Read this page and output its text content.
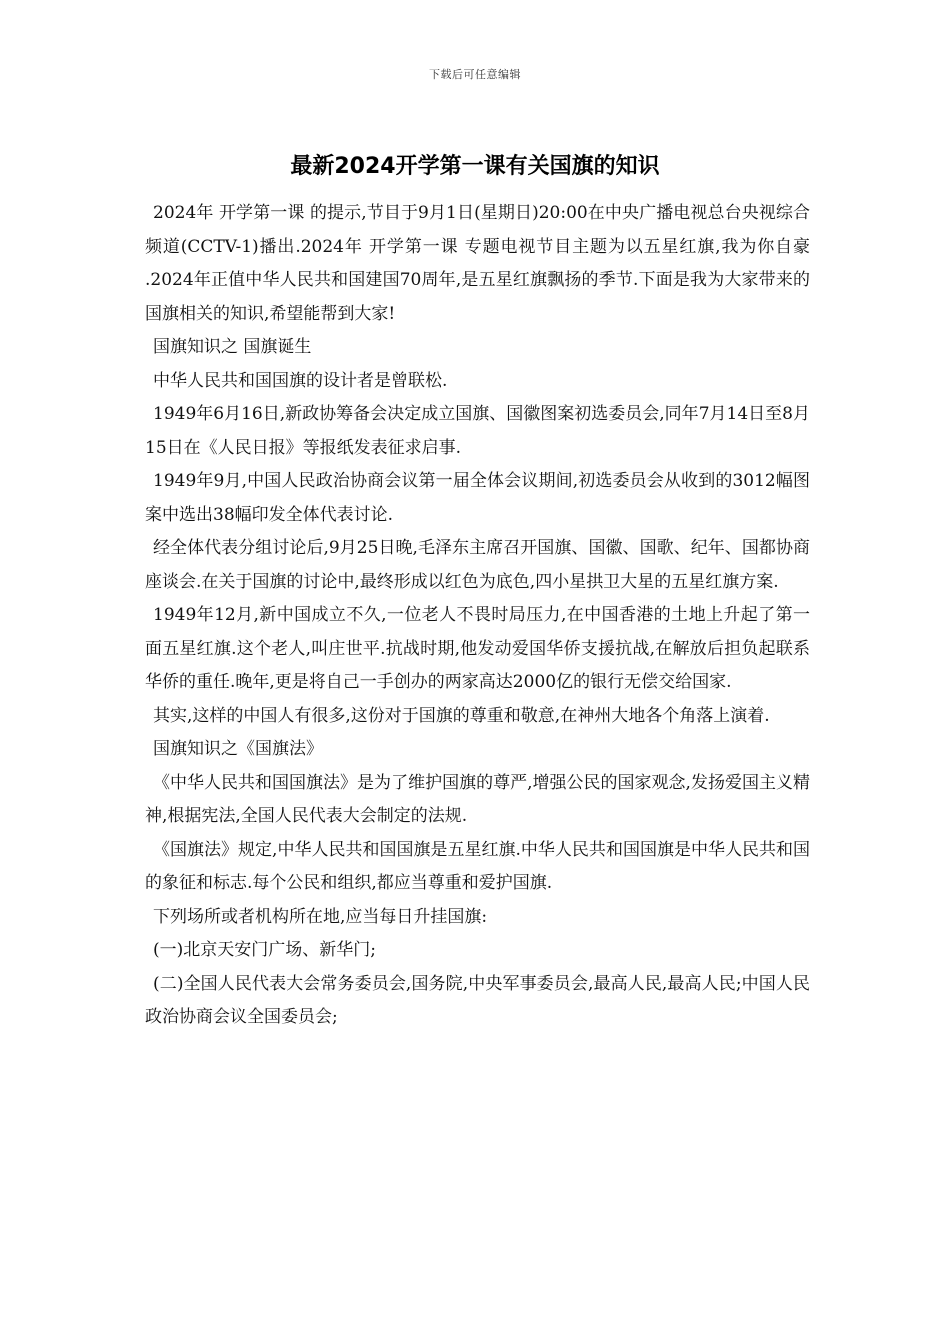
下载后可任意编辑
最新2024开学第一课有关国旗的知识

2024年 开学第一课 的提示,节目于9月1日(星期日)20:00在中央广播电视总台央视综合频道(CCTV-1)播出.2024年 开学第一课 专题电视节目主题为以五星红旗,我为你自豪 .2024年正值中华人民共和国建国70周年,是五星红旗飘扬的季节.下面是我为大家带来的国旗相关的知识,希望能帮到大家!

国旗知识之 国旗诞生

中华人民共和国国旗的设计者是曾联松.

1949年6月16日,新政协筹备会决定成立国旗、国徽图案初选委员会,同年7月14日至8月15日在《人民日报》等报纸发表征求启事.

1949年9月,中国人民政治协商会议第一届全体会议期间,初选委员会从收到的3012幅图案中选出38幅印发全体代表讨论.

经全体代表分组讨论后,9月25日晚,毛泽东主席召开国旗、国徽、国歌、纪年、国都协商座谈会.在关于国旗的讨论中,最终形成以红色为底色,四小星拱卫大星的五星红旗方案.

1949年12月,新中国成立不久,一位老人不畏时局压力,在中国香港的土地上升起了第一面五星红旗.这个老人,叫庄世平.抗战时期,他发动爱国华侨支援抗战,在解放后担负起联系华侨的重任.晚年,更是将自己一手创办的两家高达2000亿的银行无偿交给国家.

其实,这样的中国人有很多,这份对于国旗的尊重和敬意,在神州大地各个角落上演着.

国旗知识之《国旗法》

《中华人民共和国国旗法》是为了维护国旗的尊严,增强公民的国家观念,发扬爱国主义精神,根据宪法,全国人民代表大会制定的法规.

《国旗法》规定,中华人民共和国国旗是五星红旗.中华人民共和国国旗是中华人民共和国的象征和标志.每个公民和组织,都应当尊重和爱护国旗.

下列场所或者机构所在地,应当每日升挂国旗:

(一)北京天安门广场、新华门;

(二)全国人民代表大会常务委员会,国务院,中央军事委员会,最高人民,最高人民;中国人民政治协商会议全国委员会;
